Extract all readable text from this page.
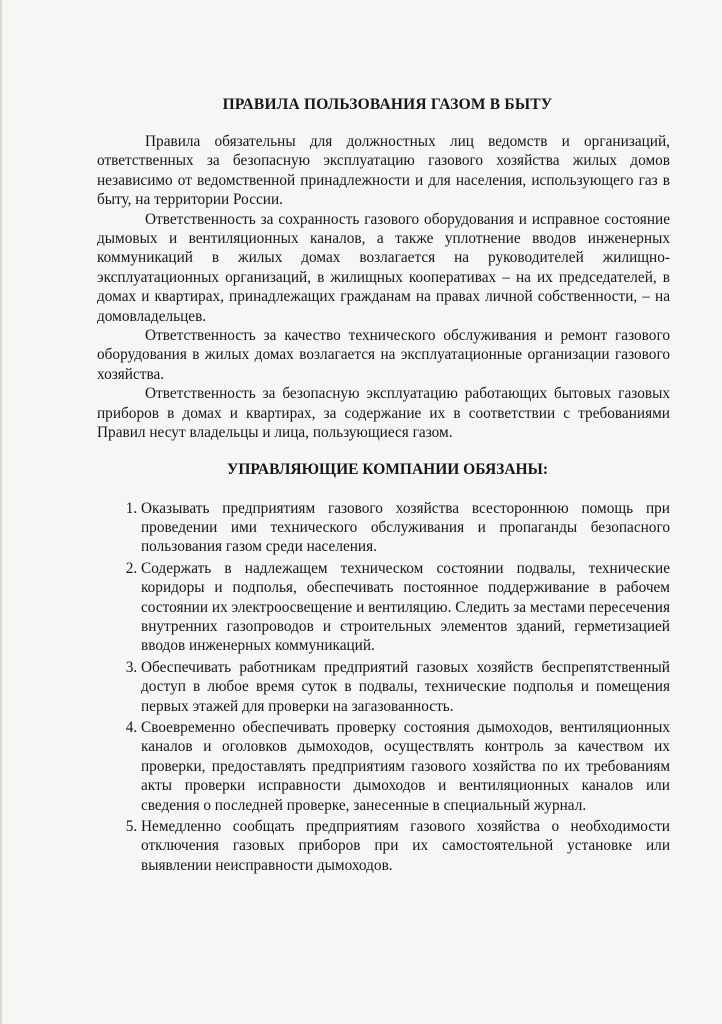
ПРАВИЛА ПОЛЬЗОВАНИЯ ГАЗОМ В БЫТУ

Правила обязательны для должностных лиц ведомств и организаций, ответственных за безопасную эксплуатацию газового хозяйства жилых домов независимо от ведомственной принадлежности и для населения, использующего газ в быту, на территории России.

Ответственность за сохранность газового оборудования и исправное состояние дымовых и вентиляционных каналов, а также уплотнение вводов инженерных коммуникаций в жилых домах возлагается на руководителей жилищно-эксплуатационных организаций, в жилищных кооперативах – на их председателей, в домах и квартирах, принадлежащих гражданам на правах личной собственности, – на домовладельцев.

Ответственность за качество технического обслуживания и ремонт газового оборудования в жилых домах возлагается на эксплуатационные организации газового хозяйства.

Ответственность за безопасную эксплуатацию работающих бытовых газовых приборов в домах и квартирах, за содержание их в соответствии с требованиями Правил несут владельцы и лица, пользующиеся газом.

УПРАВЛЯЮЩИЕ КОМПАНИИ ОБЯЗАНЫ:
1. Оказывать предприятиям газового хозяйства всестороннюю помощь при проведении ими технического обслуживания и пропаганды безопасного пользования газом среди населения.
2. Содержать в надлежащем техническом состоянии подвалы, технические коридоры и подполья, обеспечивать постоянное поддерживание в рабочем состоянии их электроосвещение и вентиляцию. Следить за местами пересечения внутренних газопроводов и строительных элементов зданий, герметизацией вводов инженерных коммуникаций.
3. Обеспечивать работникам предприятий газовых хозяйств беспрепятственный доступ в любое время суток в подвалы, технические подполья и помещения первых этажей для проверки на загазованность.
4. Своевременно обеспечивать проверку состояния дымоходов, вентиляционных каналов и оголовков дымоходов, осуществлять контроль за качеством их проверки, предоставлять предприятиям газового хозяйства по их требованиям акты проверки исправности дымоходов и вентиляционных каналов или сведения о последней проверке, занесенные в специальный журнал.
5. Немедленно сообщать предприятиям газового хозяйства о необходимости отключения газовых приборов при их самостоятельной установке или выявлении неисправности дымоходов.
